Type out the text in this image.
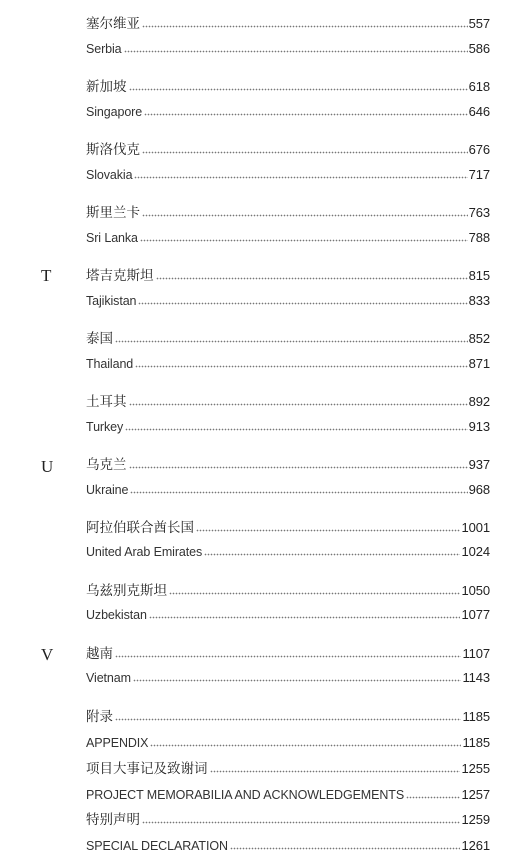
T
U
V
塞尔维亚	557
Serbia	586
新加坡	618
Singapore	646
斯洛伐克	676
Slovakia	717
斯里兰卡	763
Sri Lanka	788
塔吉克斯坦	815
Tajikistan	833
泰国	852
Thailand	871
土耳其	892
Turkey	913
乌克兰	937
Ukraine	968
阿拉伯联合酋长国	1001
United Arab Emirates	1024
乌兹别克斯坦	1050
Uzbekistan	1077
越南	1107
Vietnam	1143
附录	1185
APPENDIX	1185
项目大事记及致谢词	1255
PROJECT MEMORABILIA AND ACKNOWLEDGEMENTS	1257
特别声明	1259
SPECIAL DECLARATION	1261
